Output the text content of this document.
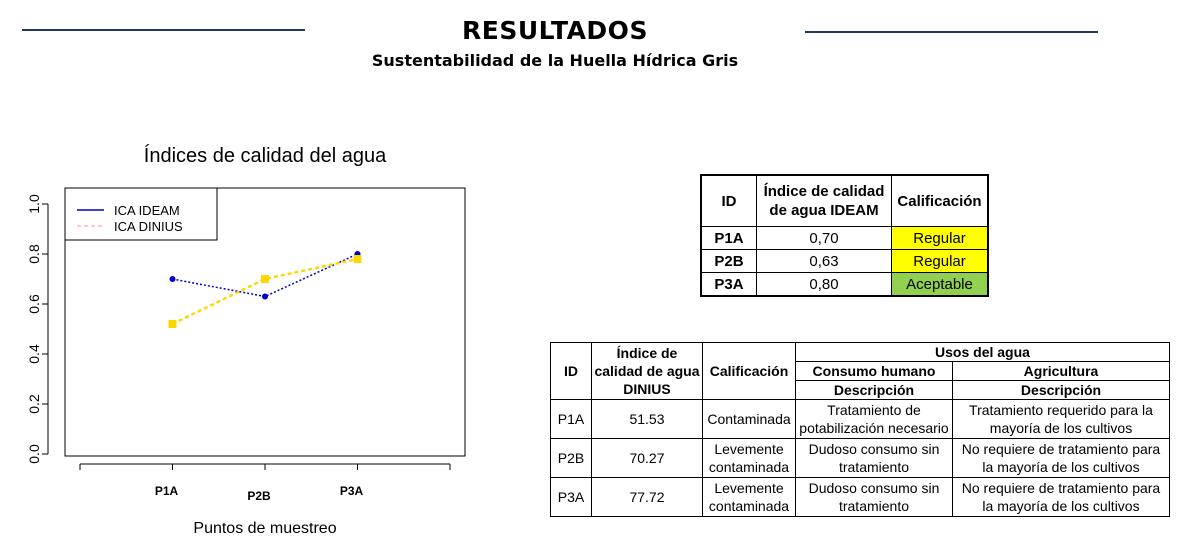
RESULTADOS
Sustentabilidad de la Huella Hídrica Gris
Índices de calidad del agua
0.0
0.2
0.4
0.6
0.8
1.0
P1A	P2B	P3A
ICA IDEAM
ICA DINIUS
Puntos de muestreo
ID	Índice de calidad de agua IDEAM	Calificación
P1A	0,70	Regular
P2B	0,63	Regular
P3A	0,80	Aceptable
ID	Índice de calidad de agua DINIUS	Calificación	Usos del agua	
			Consumo humano	Agricultura
			Descripción	Descripción
P1A	51.53	Contaminada	Tratamiento de potabilización necesario	Tratamiento requerido para la mayoría de los cultivos
P2B	70.27	Levemente contaminada	Dudoso consumo sin tratamiento	No requiere de tratamiento para la mayoría de los cultivos
P3A	77.72	Levemente contaminada	Dudoso consumo sin tratamiento	No requiere de tratamiento para la mayoría de los cultivos
